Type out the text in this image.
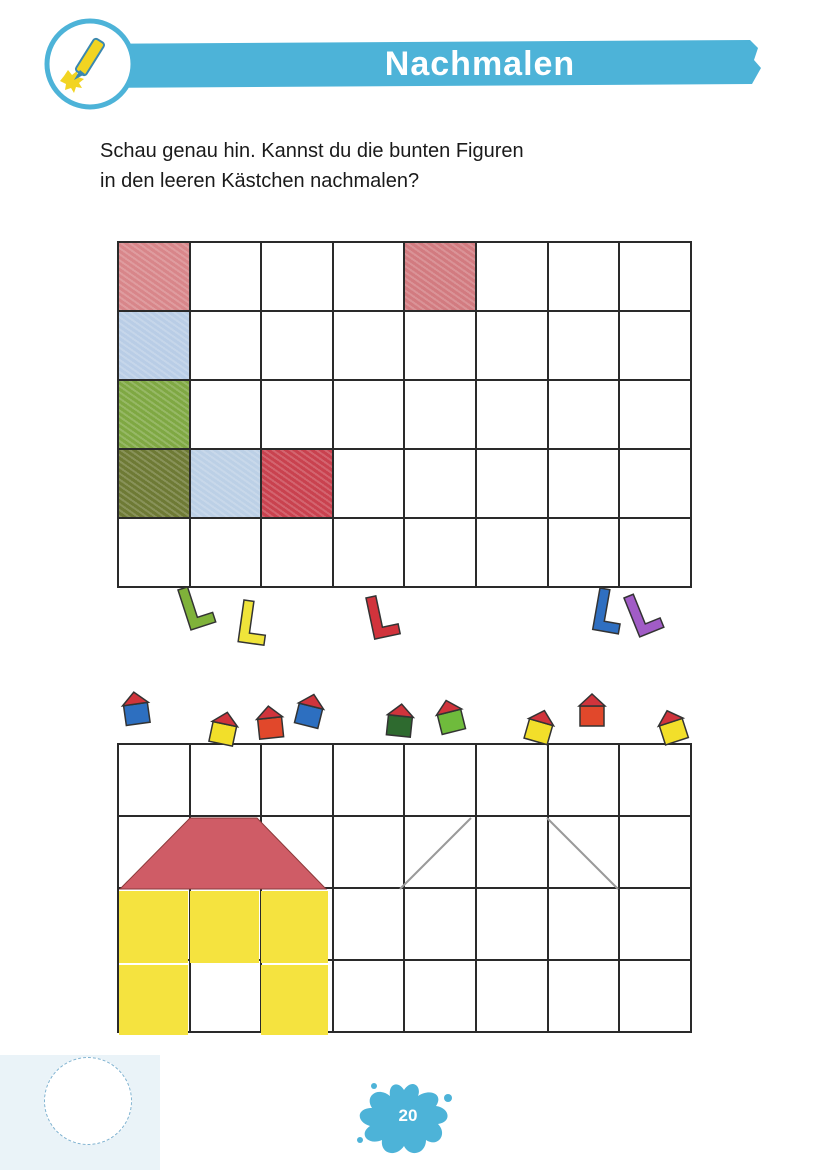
Nachmalen
Schau genau hin. Kannst du die bunten Figuren
in den leeren Kästchen nachmalen?
20
